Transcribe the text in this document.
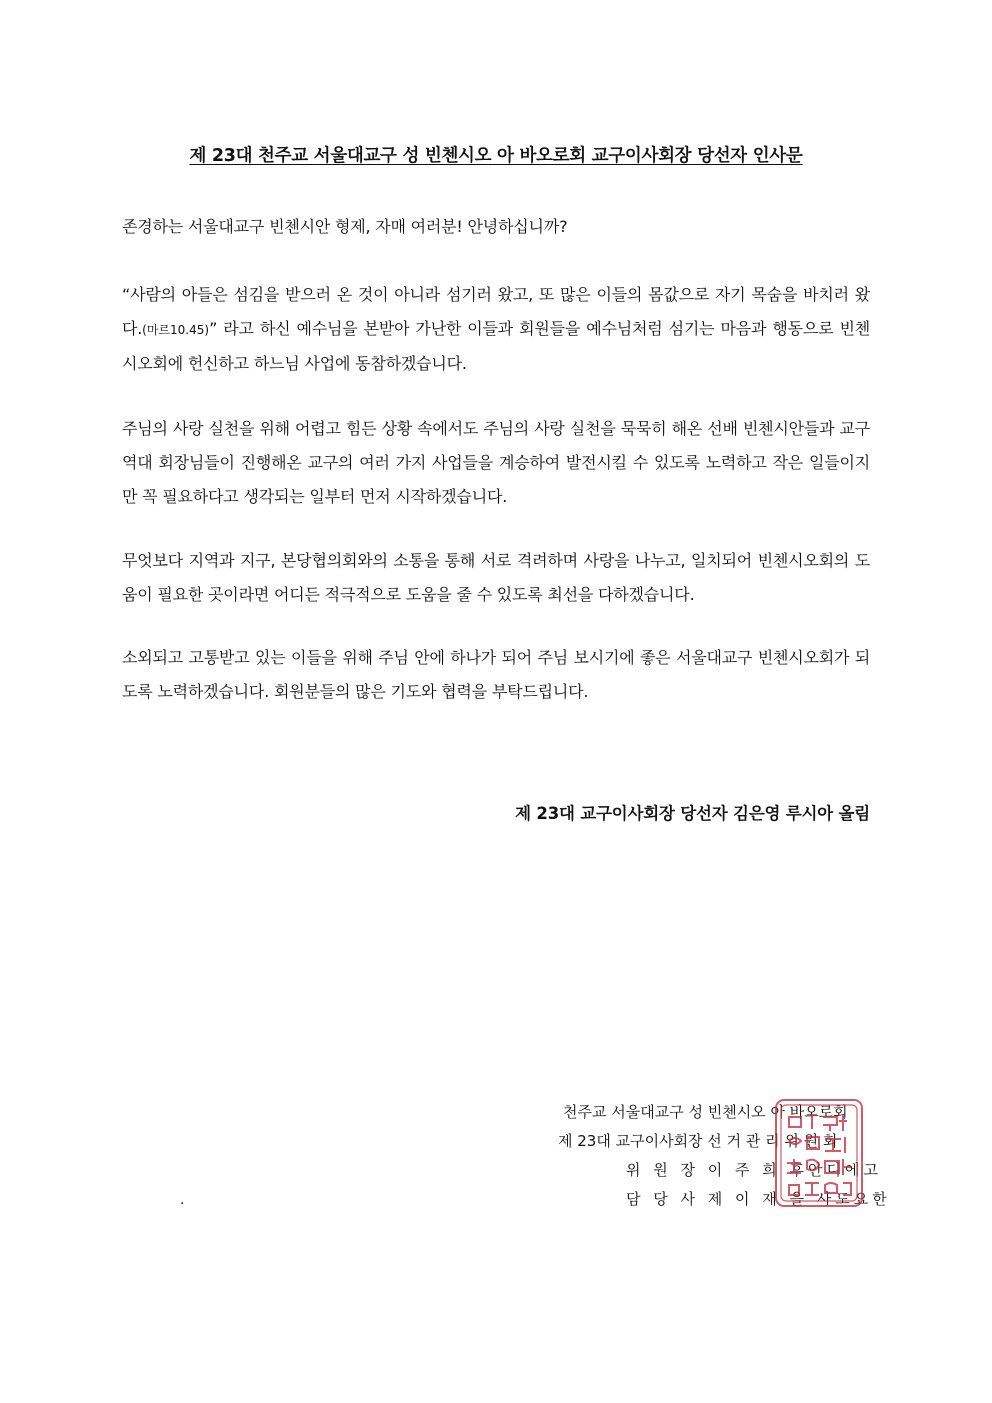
제 23대 천주교 서울대교구 성 빈첸시오 아 바오로회 교구이사회장 당선자 인사문

존경하는 서울대교구 빈첸시안 형제, 자매 여러분! 안녕하십니까?

“사람의 아들은 섬김을 받으러 온 것이 아니라 섬기러 왔고, 또 많은 이들의 몸값으로 자기 목숨을 바치러 왔다.(마르10.45)” 라고 하신 예수님을 본받아 가난한 이들과 회원들을 예수님처럼 섬기는 마음과 행동으로 빈첸시오회에 헌신하고 하느님 사업에 동참하겠습니다.

주님의 사랑 실천을 위해 어렵고 힘든 상황 속에서도 주님의 사랑 실천을 묵묵히 해온 선배 빈첸시안들과 교구 역대 회장님들이 진행해온 교구의 여러 가지 사업들을 계승하여 발전시킬 수 있도록 노력하고 작은 일들이지만 꼭 필요하다고 생각되는 일부터 먼저 시작하겠습니다.

무엇보다 지역과 지구, 본당협의회와의 소통을 통해 서로 격려하며 사랑을 나누고, 일치되어 빈첸시오회의 도움이 필요한 곳이라면 어디든 적극적으로 도움을 줄 수 있도록 최선을 다하겠습니다.

소외되고 고통받고 있는 이들을 위해 주님 안에 하나가 되어 주님 보시기에 좋은 서울대교구 빈첸시오회가 되도록 노력하겠습니다. 회원분들의 많은 기도와 협력을 부탁드립니다.

제 23대 교구이사회장 당선자 김은영 루시아 올림
.
천주교 서울대교구 성 빈첸시오 아 바오로회
제 23대 교구이사회장 선 거 관 리 위 원 회
위 원 장 이 주 희 후안디에고
담 당 사 제 이 재 을 사도요한
